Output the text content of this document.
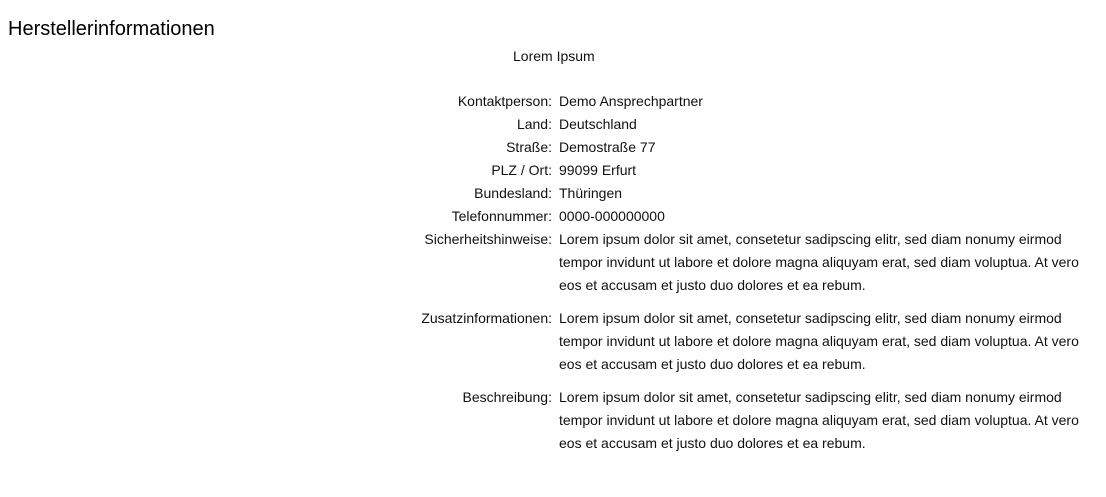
Herstellerinformationen
Lorem Ipsum
Kontaktperson: Demo Ansprechpartner
Land: Deutschland
Straße: Demostraße 77
PLZ / Ort: 99099 Erfurt
Bundesland: Thüringen
Telefonnummer: 0000-000000000
Sicherheitshinweise: Lorem ipsum dolor sit amet, consetetur sadipscing elitr, sed diam nonumy eirmod tempor invidunt ut labore et dolore magna aliquyam erat, sed diam voluptua. At vero eos et accusam et justo duo dolores et ea rebum.
Zusatzinformationen: Lorem ipsum dolor sit amet, consetetur sadipscing elitr, sed diam nonumy eirmod tempor invidunt ut labore et dolore magna aliquyam erat, sed diam voluptua. At vero eos et accusam et justo duo dolores et ea rebum.
Beschreibung: Lorem ipsum dolor sit amet, consetetur sadipscing elitr, sed diam nonumy eirmod tempor invidunt ut labore et dolore magna aliquyam erat, sed diam voluptua. At vero eos et accusam et justo duo dolores et ea rebum.
